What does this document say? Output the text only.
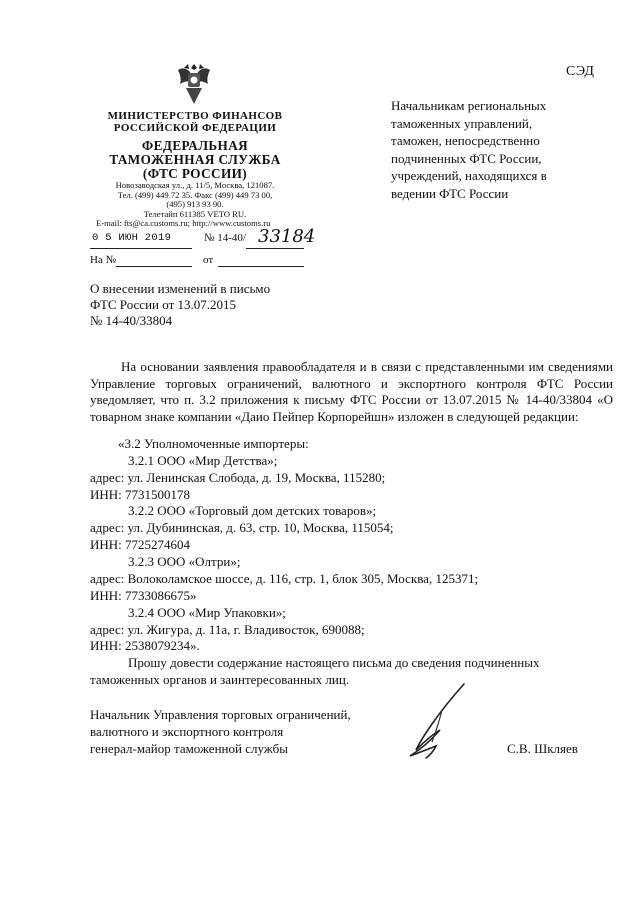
СЭД
МИНИСТЕРСТВО ФИНАНСОВ
РОССИЙСКОЙ ФЕДЕРАЦИИ
ФЕДЕРАЛЬНАЯ
ТАМОЖЕННАЯ СЛУЖБА
(ФТС РОССИИ)
Новозаводская ул., д. 11/5, Москва, 121087.
Тел. (499) 449 72 35. Факс (499) 449 73 00,
(495) 913 93 90.
Телетайп 611385 VETO RU.
E-mail: fts@ca.customs.ru; http://www.customs.ru
0 5 ИЮН 2019	№ 14-40/ 33184
На №	от
Начальникам региональных
таможенных управлений,
таможен, непосредственно
подчиненных ФТС России,
учреждений, находящихся в
ведении ФТС России
О внесении изменений в письмо
ФТС России от 13.07.2015
№ 14-40/33804
На основании заявления правообладателя и в связи с представленными им сведениями Управление торговых ограничений, валютного и экспортного контроля ФТС России уведомляет, что п. 3.2 приложения к письму ФТС России от 13.07.2015 № 14-40/33804 «О товарном знаке компании «Даио Пейпер Корпорейшн» изложен в следующей редакции:
«3.2 Уполномоченные импортеры:
3.2.1 ООО «Мир Детства»;
адрес: ул. Ленинская Слобода, д. 19, Москва, 115280;
ИНН: 7731500178
3.2.2 ООО «Торговый дом детских товаров»;
адрес: ул. Дубининская, д. 63, стр. 10, Москва, 115054;
ИНН: 7725274604
3.2.3 ООО «Олтри»;
адрес: Волоколамское шоссе, д. 116, стр. 1, блок 305, Москва, 125371;
ИНН: 7733086675»
3.2.4 ООО «Мир Упаковки»;
адрес: ул. Жигура, д. 11а, г. Владивосток, 690088;
ИНН: 2538079234».
Прошу довести содержание настоящего письма до сведения подчиненных
таможенных органов и заинтересованных лиц.
Начальник Управления торговых ограничений,
валютного и экспортного контроля
генерал-майор таможенной службы	С.В. Шкляев
